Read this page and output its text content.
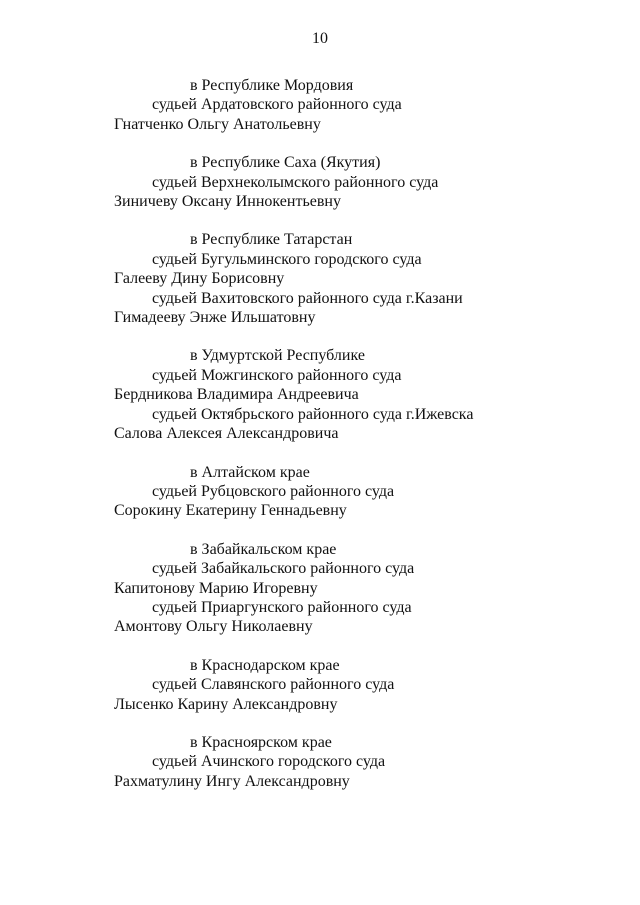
10
в Республике Мордовия
судьей Ардатовского районного суда
Гнатченко Ольгу Анатольевну
в Республике Саха (Якутия)
судьей Верхнеколымского районного суда
Зиничеву Оксану Иннокентьевну
в Республике Татарстан
судьей Бугульминского городского суда
Галееву Дину Борисовну
судьей Вахитовского районного суда г.Казани
Гимадееву Энже Ильшатовну
в Удмуртской Республике
судьей Можгинского районного суда
Бердникова Владимира Андреевича
судьей Октябрьского районного суда г.Ижевска
Салова Алексея Александровича
в Алтайском крае
судьей Рубцовского районного суда
Сорокину Екатерину Геннадьевну
в Забайкальском крае
судьей Забайкальского районного суда
Капитонову Марию Игоревну
судьей Приаргунского районного суда
Амонтову Ольгу Николаевну
в Краснодарском крае
судьей Славянского районного суда
Лысенко Карину Александровну
в Красноярском крае
судьей Ачинского городского суда
Рахматулину Ингу Александровну
